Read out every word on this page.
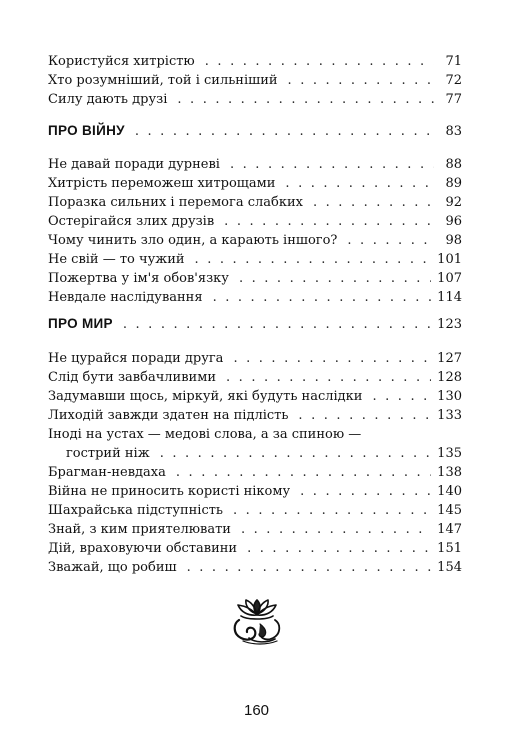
Користуйся хитрістю . . .	71
Хто розумніший, той і сильніший . . .	72
Силу дають друзі . . .	77
ПРО ВІЙНУ . . .	83
Не давай поради дурневі . . .	88
Хитрість переможеш хитрощами . . .	89
Поразка сильних і перемога слабких . . .	92
Остерігайся злих друзів . . .	96
Чому чинить зло один, а карають іншого? . . .	98
Не свій — то чужий . . .	101
Пожертва у ім'я обов'язку . . .	107
Невдале наслідування . . .	114
ПРО МИР . . .	123
Не цурайся поради друга . . .	127
Слід бути завбачливими . . .	128
Задумавши щось, міркуй, які будуть наслідки . . .	130
Лиходій завжди здатен на підлість . . .	133
Іноді на устах — медові слова, а за спиною —
гострий ніж . . .	135
Брагман-невдаха . . .	138
Війна не приносить користі нікому . . .	140
Шахрайська підступність . . .	145
Знай, з ким приятелювати . . .	147
Дій, враховуючи обставини . . .	151
Зважай, що робиш . . .	154
160
